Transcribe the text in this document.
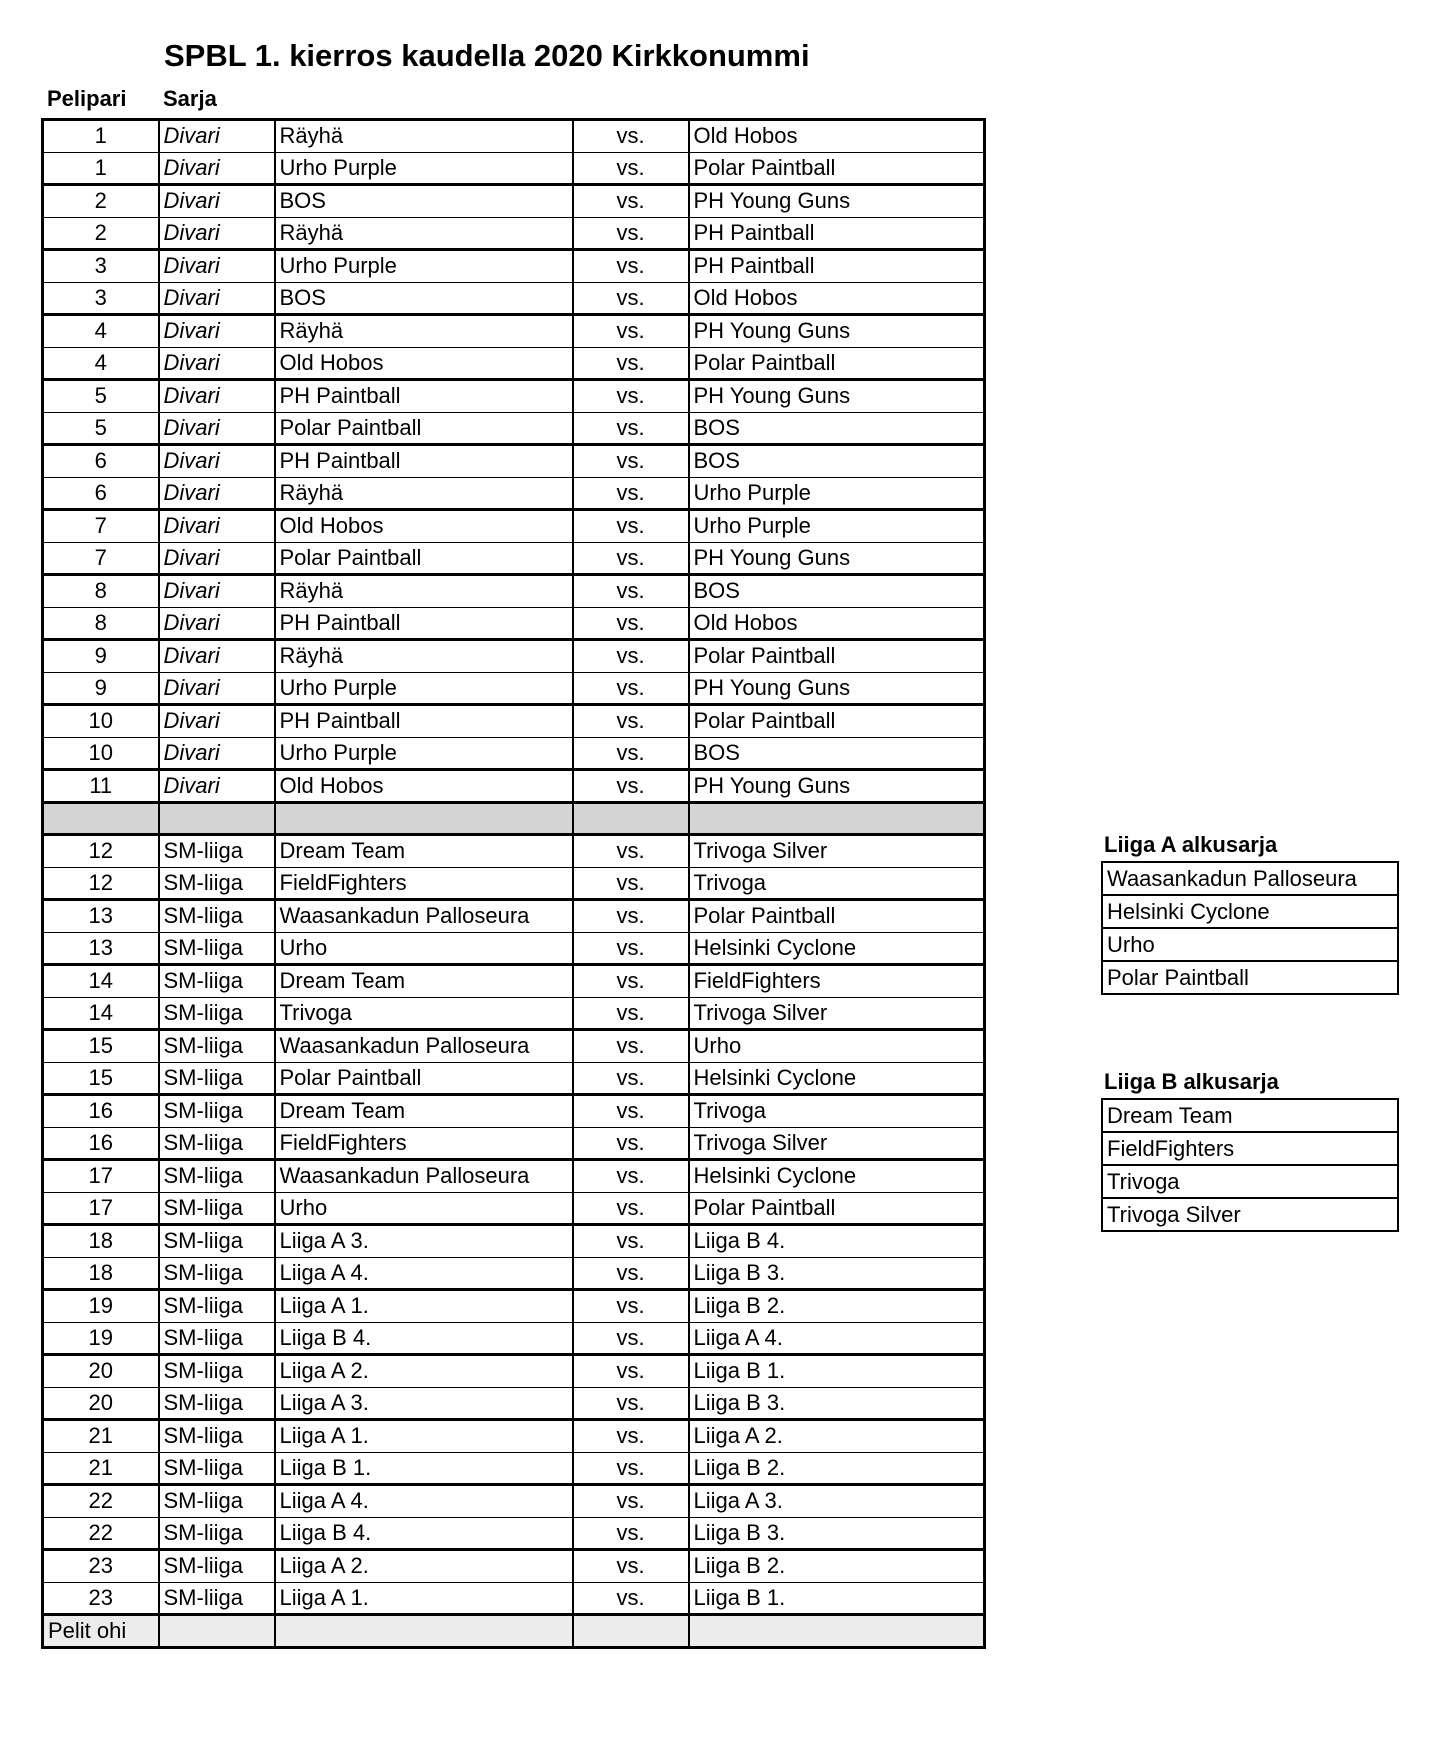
SPBL 1. kierros kaudella 2020 Kirkkonummi
Pelipari Sarja
1	Divari	Räyhä	vs.	Old Hobos
1	Divari	Urho Purple	vs.	Polar Paintball
2	Divari	BOS	vs.	PH Young Guns
2	Divari	Räyhä	vs.	PH Paintball
3	Divari	Urho Purple	vs.	PH Paintball
3	Divari	BOS	vs.	Old Hobos
4	Divari	Räyhä	vs.	PH Young Guns
4	Divari	Old Hobos	vs.	Polar Paintball
5	Divari	PH Paintball	vs.	PH Young Guns
5	Divari	Polar Paintball	vs.	BOS
6	Divari	PH Paintball	vs.	BOS
6	Divari	Räyhä	vs.	Urho Purple
7	Divari	Old Hobos	vs.	Urho Purple
7	Divari	Polar Paintball	vs.	PH Young Guns
8	Divari	Räyhä	vs.	BOS
8	Divari	PH Paintball	vs.	Old Hobos
9	Divari	Räyhä	vs.	Polar Paintball
9	Divari	Urho Purple	vs.	PH Young Guns
10	Divari	PH Paintball	vs.	Polar Paintball
10	Divari	Urho Purple	vs.	BOS
11	Divari	Old Hobos	vs.	PH Young Guns

12	SM-liiga	Dream Team	vs.	Trivoga Silver
12	SM-liiga	FieldFighters	vs.	Trivoga
13	SM-liiga	Waasankadun Palloseura	vs.	Polar Paintball
13	SM-liiga	Urho	vs.	Helsinki Cyclone
14	SM-liiga	Dream Team	vs.	FieldFighters
14	SM-liiga	Trivoga	vs.	Trivoga Silver
15	SM-liiga	Waasankadun Palloseura	vs.	Urho
15	SM-liiga	Polar Paintball	vs.	Helsinki Cyclone
16	SM-liiga	Dream Team	vs.	Trivoga
16	SM-liiga	FieldFighters	vs.	Trivoga Silver
17	SM-liiga	Waasankadun Palloseura	vs.	Helsinki Cyclone
17	SM-liiga	Urho	vs.	Polar Paintball
18	SM-liiga	Liiga A 3.	vs.	Liiga B 4.
18	SM-liiga	Liiga A 4.	vs.	Liiga B 3.
19	SM-liiga	Liiga A 1.	vs.	Liiga B 2.
19	SM-liiga	Liiga B 4.	vs.	Liiga A 4.
20	SM-liiga	Liiga A 2.	vs.	Liiga B 1.
20	SM-liiga	Liiga A 3.	vs.	Liiga B 3.
21	SM-liiga	Liiga A 1.	vs.	Liiga A 2.
21	SM-liiga	Liiga B 1.	vs.	Liiga B 2.
22	SM-liiga	Liiga A 4.	vs.	Liiga A 3.
22	SM-liiga	Liiga B 4.	vs.	Liiga B 3.
23	SM-liiga	Liiga A 2.	vs.	Liiga B 2.
23	SM-liiga	Liiga A 1.	vs.	Liiga B 1.
Pelit ohi				
Liiga A alkusarja
Waasankadun Palloseura
Helsinki Cyclone
Urho
Polar Paintball
Liiga B alkusarja
Dream Team
FieldFighters
Trivoga
Trivoga Silver
